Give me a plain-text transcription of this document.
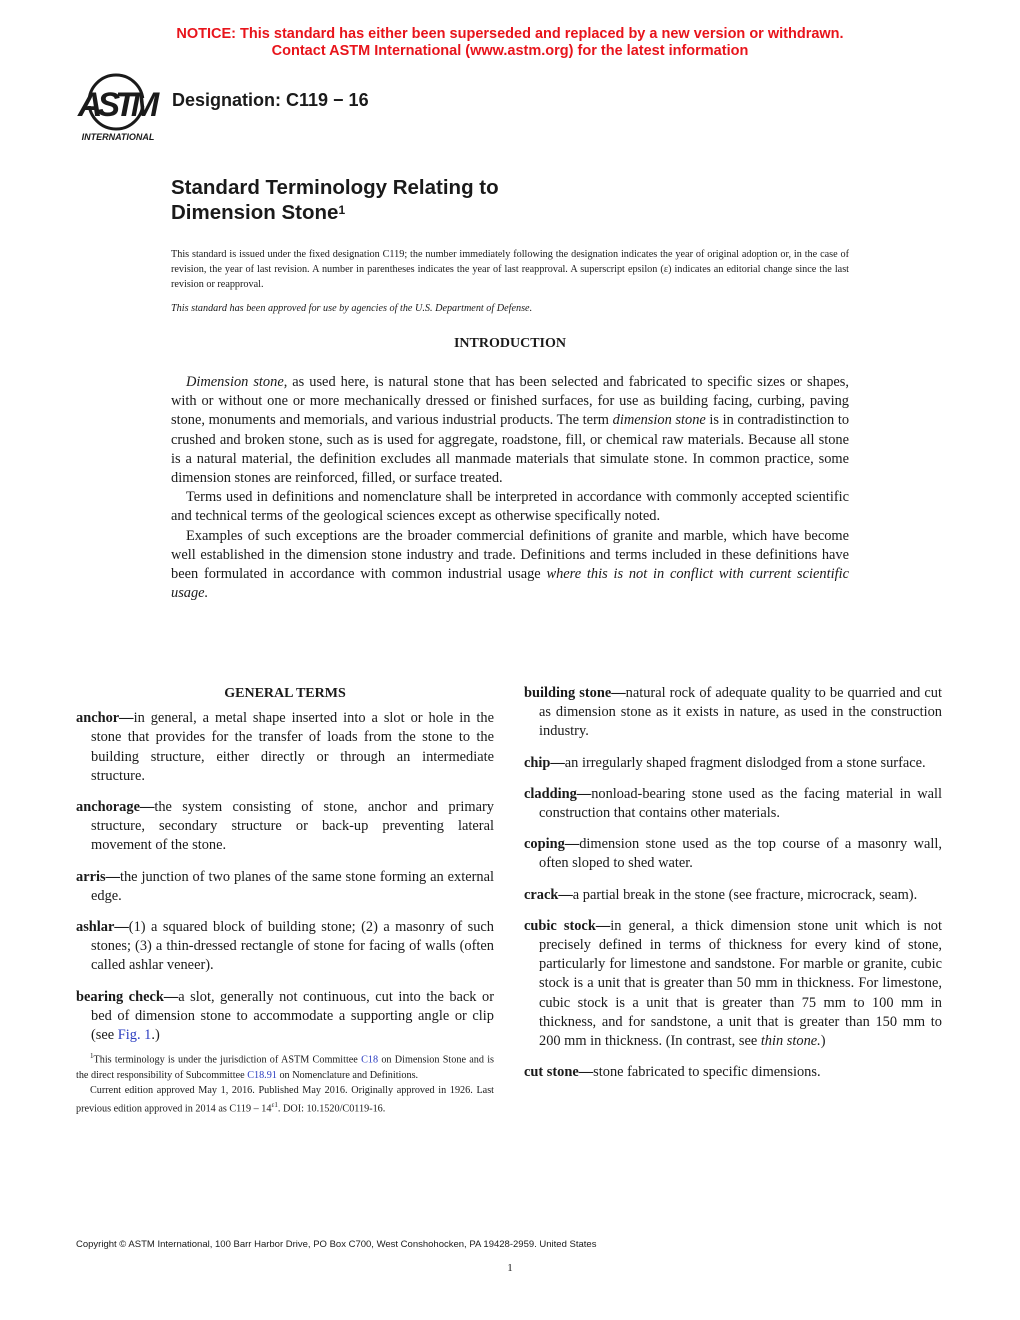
NOTICE: This standard has either been superseded and replaced by a new version or withdrawn.
Contact ASTM International (www.astm.org) for the latest information
ASTM
INTERNATIONAL
Designation: C119 − 16
Standard Terminology Relating to
Dimension Stone$^1$
This standard is issued under the fixed designation C119; the number immediately following the designation indicates the year of original adoption or, in the case of revision, the year of last revision. A number in parentheses indicates the year of last reapproval. A superscript epsilon (ε) indicates an editorial change since the last revision or reapproval.
This standard has been approved for use by agencies of the U.S. Department of Defense.
INTRODUCTION

Dimension stone, as used here, is natural stone that has been selected and fabricated to specific sizes or shapes, with or without one or more mechanically dressed or finished surfaces, for use as building facing, curbing, paving stone, monuments and memorials, and various industrial products. The term dimension stone is in contradistinction to crushed and broken stone, such as is used for aggregate, roadstone, fill, or chemical raw materials. Because all stone is a natural material, the definition excludes all manmade materials that simulate stone. In common practice, some dimension stones are reinforced, filled, or surface treated.

Terms used in definitions and nomenclature shall be interpreted in accordance with commonly accepted scientific and technical terms of the geological sciences except as otherwise specifically noted.

Examples of such exceptions are the broader commercial definitions of granite and marble, which have become well established in the dimension stone industry and trade. Definitions and terms included in these definitions have been formulated in accordance with common industrial usage where this is not in conflict with current scientific usage.

GENERAL TERMS

anchor—in general, a metal shape inserted into a slot or hole in the stone that provides for the transfer of loads from the stone to the building structure, either directly or through an intermediate structure.

anchorage—the system consisting of stone, anchor and primary structure, secondary structure or back-up preventing lateral movement of the stone.

arris—the junction of two planes of the same stone forming an external edge.

ashlar—(1) a squared block of building stone; (2) a masonry of such stones; (3) a thin-dressed rectangle of stone for facing of walls (often called ashlar veneer).

bearing check—a slot, generally not continuous, cut into the back or bed of dimension stone to accommodate a supporting angle or clip (see Fig. 1.)

building stone—natural rock of adequate quality to be quarried and cut as dimension stone as it exists in nature, as used in the construction industry.

chip—an irregularly shaped fragment dislodged from a stone surface.

cladding—nonload-bearing stone used as the facing material in wall construction that contains other materials.

coping—dimension stone used as the top course of a masonry wall, often sloped to shed water.

crack—a partial break in the stone (see fracture, microcrack, seam).

cubic stock—in general, a thick dimension stone unit which is not precisely defined in terms of thickness for every kind of stone, particularly for limestone and sandstone. For marble or granite, cubic stock is a unit that is greater than 50 mm in thickness. For limestone, cubic stock is a unit that is greater than 75 mm to 100 mm in thickness, and for sandstone, a unit that is greater than 150 mm to 200 mm in thickness. (In contrast, see thin stone.)

cut stone—stone fabricated to specific dimensions.

$^1$This terminology is under the jurisdiction of ASTM Committee C18 on Dimension Stone and is the direct responsibility of Subcommittee C18.91 on Nomenclature and Definitions.

Current edition approved May 1, 2016. Published May 2016. Originally approved in 1926. Last previous edition approved in 2014 as $C119 - 14^{\varepsilon 1}$. DOI: 10.1520/C0119-16.

Copyright © ASTM International, 100 Barr Harbor Drive, PO Box C700, West Conshohocken, PA 19428-2959. United States
1
